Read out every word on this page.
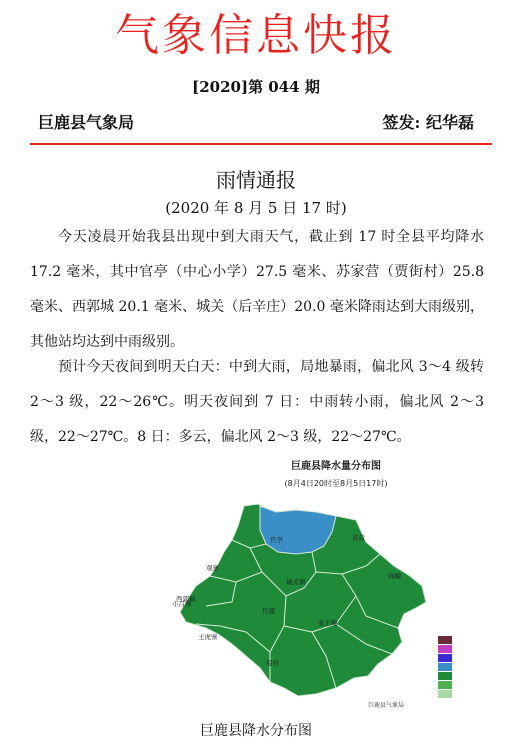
气象信息快报
[2020]第 044 期
巨鹿县气象局	签发: 纪华磊
雨情通报
(2020 年 8 月 5 日 17 时)
今天凌晨开始我县出现中到大雨天气，截止到 17 时全县平均降水 17.2 毫米，其中官亭（中心小学）27.5 毫米、苏家营（贾街村）25.8 毫米、西郭城 20.1 毫米、城关（后辛庄）20.0 毫米降雨达到大雨级别，其他站均达到中雨级别。
预计今天夜间到明天白天：中到大雨，局地暴雨，偏北风 3～4 级转 2～3 级，22～26℃。明天夜间到 7 日：中雨转小雨，偏北风 2～3 级，22～27℃。8 日：多云，偏北风 2～3 级，22～27℃。
巨鹿县降水量分布图
(8月4日20时至8月5日17时)
官亭	苏营
观寨
城关镇
阎疃
小吕寨
西郭城
王虎寨
巨鹿
张王疃
堤村
巨鹿县气象局
巨鹿县降水分布图
